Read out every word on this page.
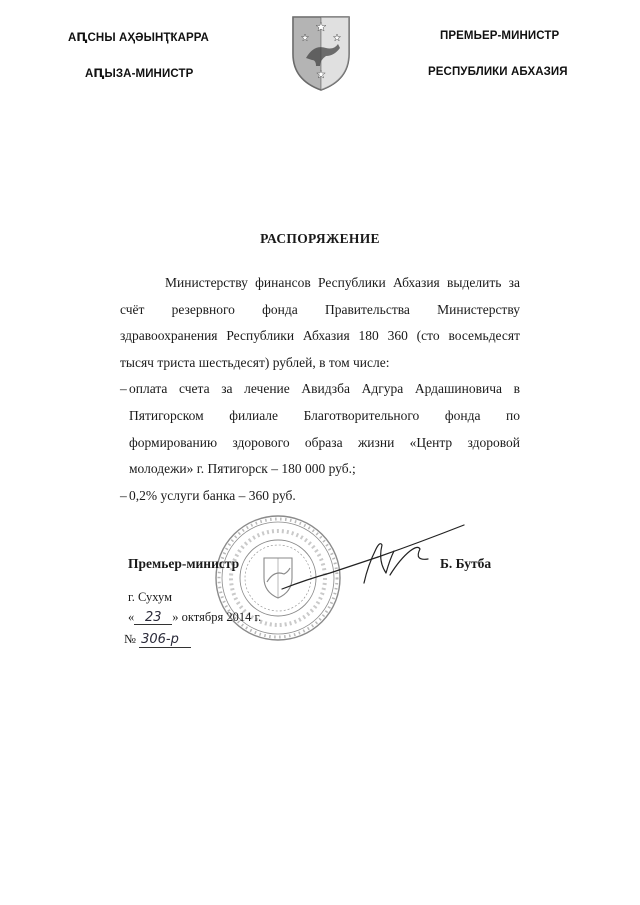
АԤСНЫ АҲӘЫНҬҞАРРА
АԤЫЗА-МИНИСТР
ПРЕМЬЕР-МИНИСТР
РЕСПУБЛИКИ АБХАЗИЯ
РАСПОРЯЖЕНИЕ

Министерству финансов Республики Абхазия выделить за счёт резервного фонда Правительства Министерству здравоохранения Республики Абхазия 180 360 (сто восемьдесят тысяч триста шестьдесят) рублей, в том числе:

– оплата счета за лечение Авидзба Адгура Ардашиновича в Пятигорском филиале Благотворительного фонда по формированию здорового образа жизни «Центр здоровой молодежи» г. Пятигорск – 180 000 руб.;

– 0,2% услуги банка – 360 руб.

Премьер-министр	Б. Бутба
г. Сухум
« 23 » октября 2014 г.
№ 306-р
